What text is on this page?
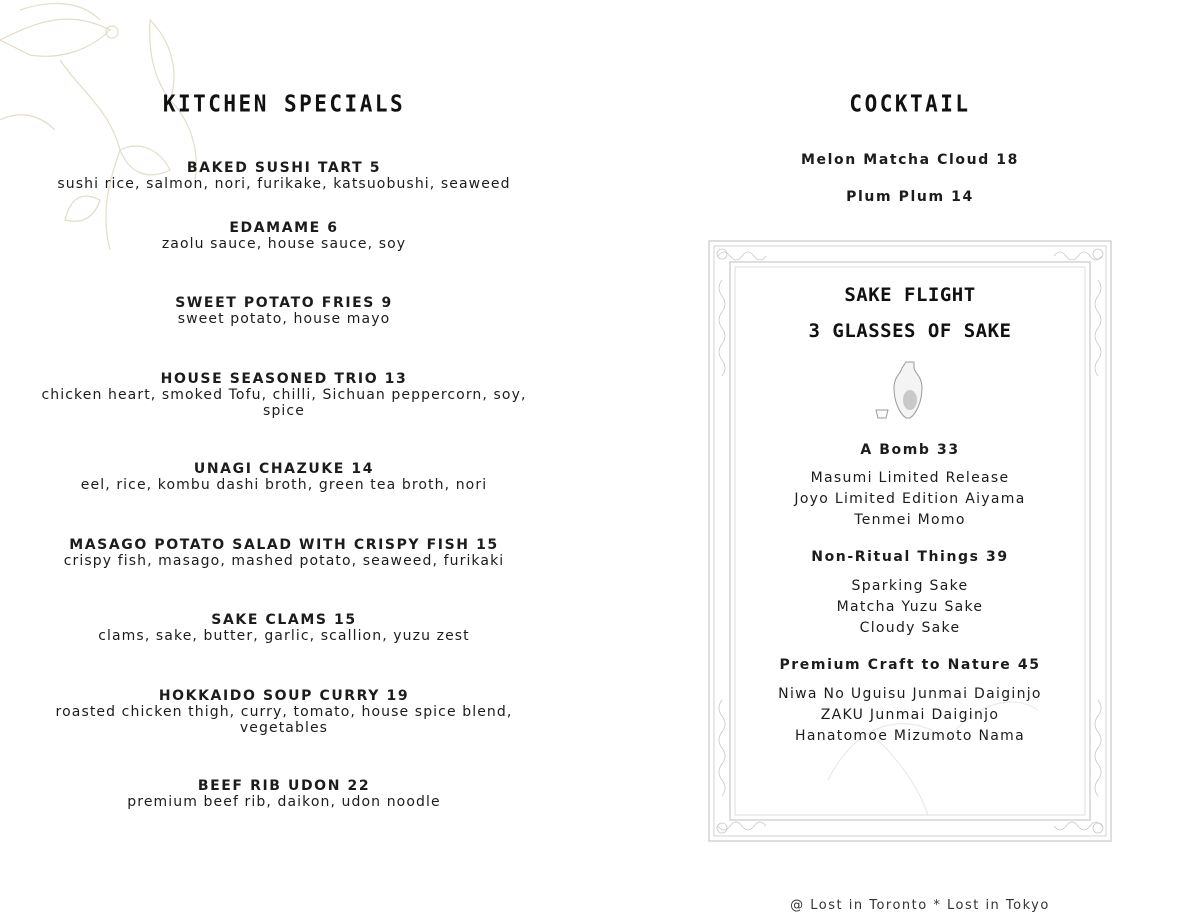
KITCHEN SPECIALS
BAKED SUSHI TART 5
sushi rice, salmon, nori, furikake, katsuobushi, seaweed
EDAMAME 6
zaolu sauce, house sauce, soy
SWEET POTATO FRIES 9
sweet potato, house mayo
HOUSE SEASONED TRIO 13
chicken heart, smoked Tofu, chilli, Sichuan peppercorn, soy,
spice
UNAGI CHAZUKE 14
eel, rice, kombu dashi broth, green tea broth, nori
MASAGO POTATO SALAD WITH CRISPY FISH 15
crispy fish, masago, mashed potato, seaweed, furikaki
SAKE CLAMS 15
clams, sake, butter, garlic, scallion, yuzu zest
HOKKAIDO SOUP CURRY 19
roasted chicken thigh, curry, tomato, house spice blend,
vegetables
BEEF RIB UDON 22
premium beef rib, daikon, udon noodle
COCKTAIL
Melon Matcha Cloud 18
Plum Plum 14
SAKE FLIGHT
3 GLASSES OF SAKE
A Bomb 33
Masumi Limited Release
Joyo Limited Edition Aiyama
Tenmei Momo
Non-Ritual Things 39
Sparking Sake
Matcha Yuzu Sake
Cloudy Sake
Premium Craft to Nature 45
Niwa No Uguisu Junmai Daiginjo
ZAKU Junmai Daiginjo
Hanatomoe Mizumoto Nama
@ Lost in Toronto * Lost in Tokyo
